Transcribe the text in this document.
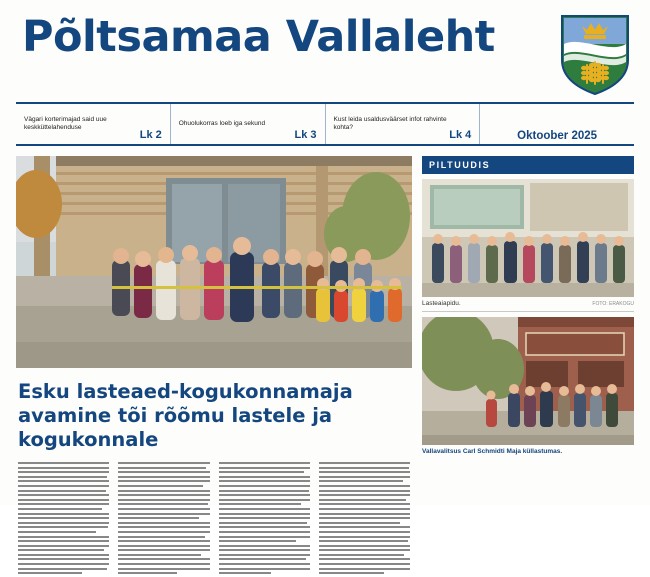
Põltsamaa Vallaleht
Vägari korterimajad said uue keskküttelahenduse
Lk 2
Ohuolukorras loeb iga sekund
Lk 3
Kust leida usaldusväärset infot rahvinte kohta?
Lk 4	Oktoober 2025
Esku lasteaed-kogukonnamaja avamine tõi rõõmu lastele ja kogukonnale
PILTUUDIS
Lasteaiapidu.	FOTO: ERAKOGU
Vallavalitsus Carl Schmidti Maja küllastumas.
